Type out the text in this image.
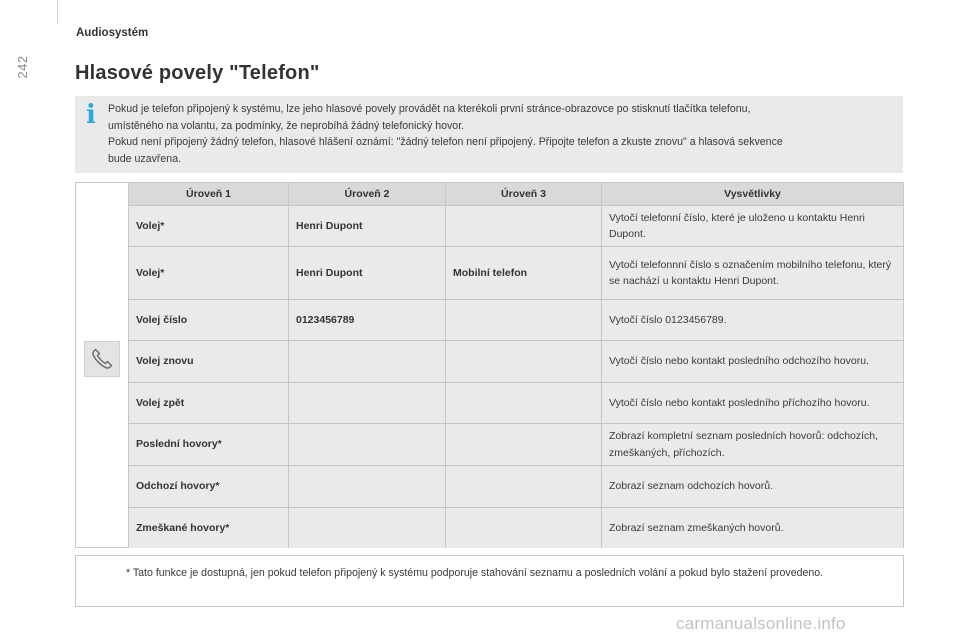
242
Audiosystém
Hlasové povely "Telefon"
i Pokud je telefon připojený k systému, lze jeho hlasové povely provádět na kterékoli první stránce-obrazovce po stisknutí tlačítka telefonu,
umístěného na volantu, za podmínky, že neprobíhá žádný telefonický hovor.
Pokud není připojený žádný telefon, hlasové hlášení oznámí: "žádný telefon není připojený. Připojte telefon a zkuste znovu" a hlasová sekvence
bude uzavřena.
Úroveň 1	Úroveň 2	Úroveň 3	Vysvětlivky
Volej*	Henri Dupont		Vytočí telefonní číslo, které je uloženo u kontaktu Henri Dupont.
Volej*	Henri Dupont	Mobilní telefon	Vytočí telefonnní číslo s označením mobilního telefonu, který se nachází u kontaktu Henri Dupont.
Volej číslo	0123456789		Vytočí číslo 0123456789.
Volej znovu			Vytočí číslo nebo kontakt posledního odchozího hovoru.
Volej zpět			Vytočí číslo nebo kontakt posledního příchozího hovoru.
Poslední hovory*			Zobrazí kompletní seznam posledních hovorů: odchozích, zmeškaných, příchozích.
Odchozí hovory*			Zobrazí seznam odchozích hovorů.
Zmeškané hovory*			Zobrazí seznam zmeškaných hovorů.
* Tato funkce je dostupná, jen pokud telefon připojený k systému podporuje stahování seznamu a posledních volání a pokud bylo stažení provedeno.
carmanualsonline.info
